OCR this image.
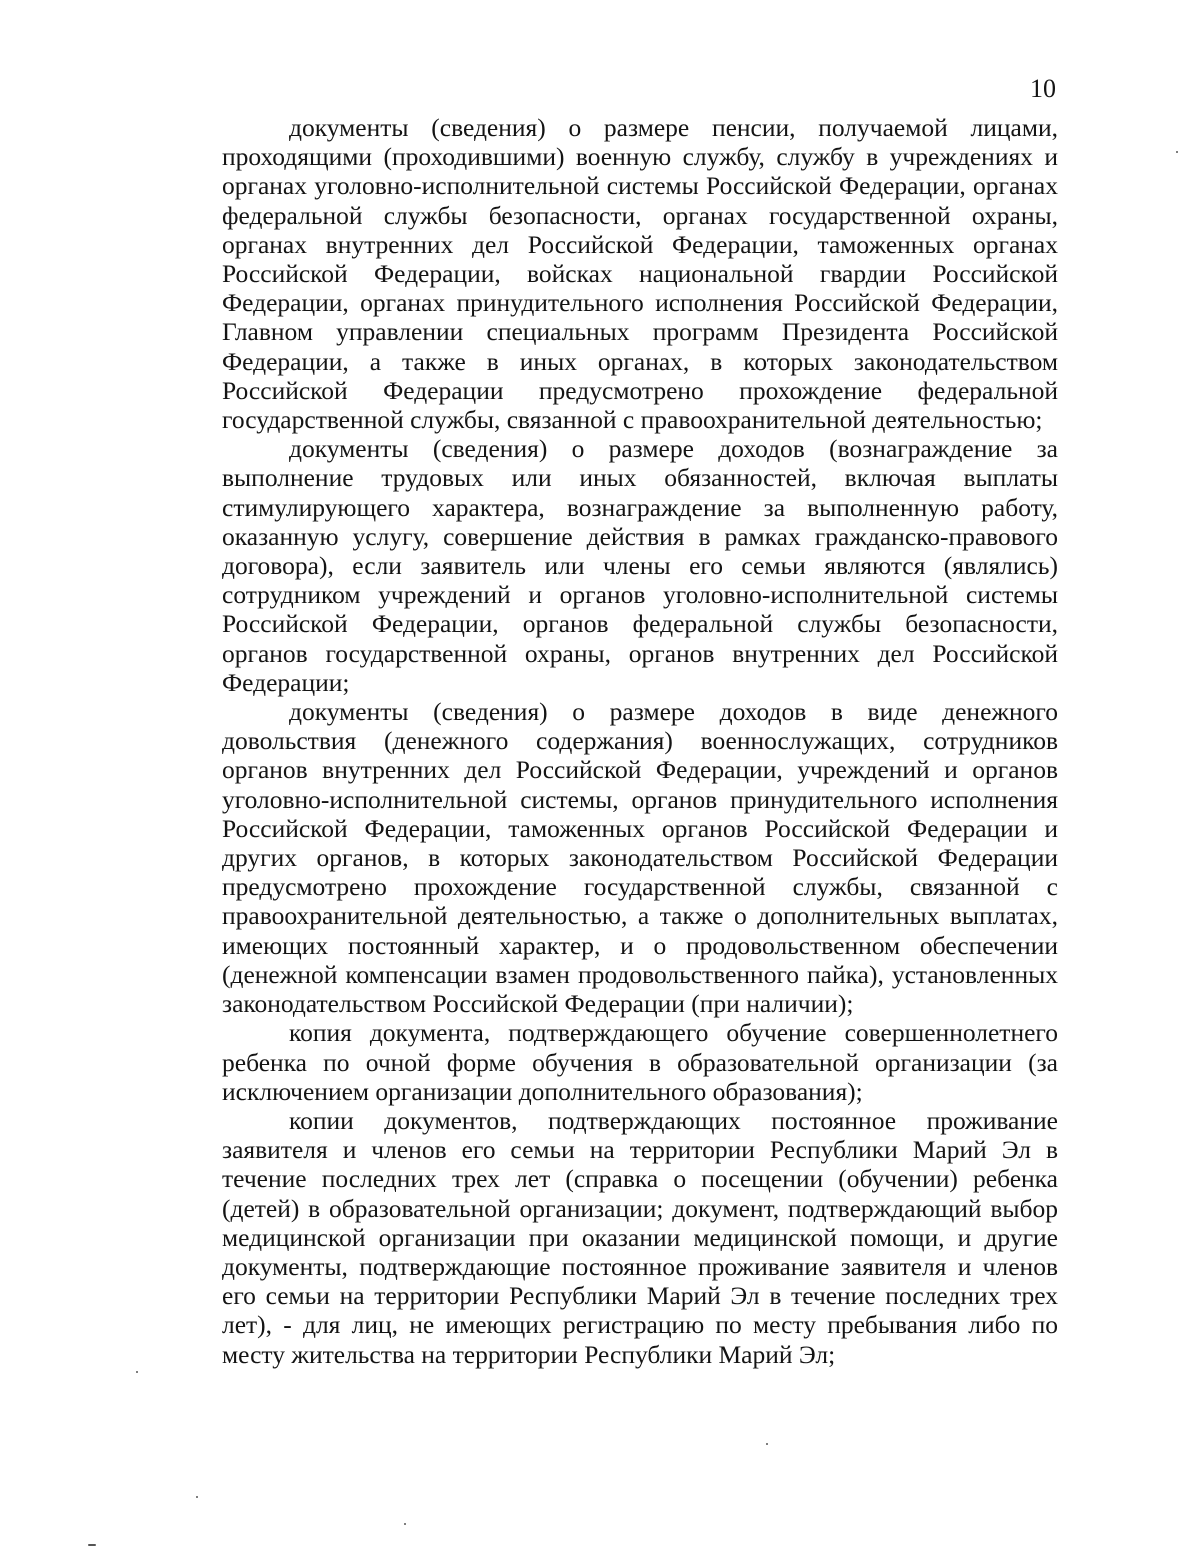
10

документы (сведения) о размере пенсии, получаемой лицами, проходящими (проходившими) военную службу, службу в учреждениях и органах уголовно-исполнительной системы Российской Федерации, органах федеральной службы безопасности, органах государственной охраны, органах внутренних дел Российской Федерации, таможенных органах Российской Федерации, войсках национальной гвардии Российской Федерации, органах принудительного исполнения Российской Федерации, Главном управлении специальных программ Президента Российской Федерации, а также в иных органах, в которых законодательством Российской Федерации предусмотрено прохождение федеральной государственной службы, связанной с правоохранительной деятельностью;

документы (сведения) о размере доходов (вознаграждение за выполнение трудовых или иных обязанностей, включая выплаты стимулирующего характера, вознаграждение за выполненную работу, оказанную услугу, совершение действия в рамках гражданско-правового договора), если заявитель или члены его семьи являются (являлись) сотрудником учреждений и органов уголовно-исполнительной системы Российской Федерации, органов федеральной службы безопасности, органов государственной охраны, органов внутренних дел Российской Федерации;

документы (сведения) о размере доходов в виде денежного довольствия (денежного содержания) военнослужащих, сотрудников органов внутренних дел Российской Федерации, учреждений и органов уголовно-исполнительной системы, органов принудительного исполнения Российской Федерации, таможенных органов Российской Федерации и других органов, в которых законодательством Российской Федерации предусмотрено прохождение государственной службы, связанной с правоохранительной деятельностью, а также о дополнительных выплатах, имеющих постоянный характер, и о продовольственном обеспечении (денежной компенсации взамен продовольственного пайка), установленных законодательством Российской Федерации (при наличии);

копия документа, подтверждающего обучение совершеннолетнего ребенка по очной форме обучения в образовательной организации (за исключением организации дополнительного образования);

копии документов, подтверждающих постоянное проживание заявителя и членов его семьи на территории Республики Марий Эл в течение последних трех лет (справка о посещении (обучении) ребенка (детей) в образовательной организации; документ, подтверждающий выбор медицинской организации при оказании медицинской помощи, и другие документы, подтверждающие постоянное проживание заявителя и членов его семьи на территории Республики Марий Эл в течение последних трех лет), - для лиц, не имеющих регистрацию по месту пребывания либо по месту жительства на территории Республики Марий Эл;
